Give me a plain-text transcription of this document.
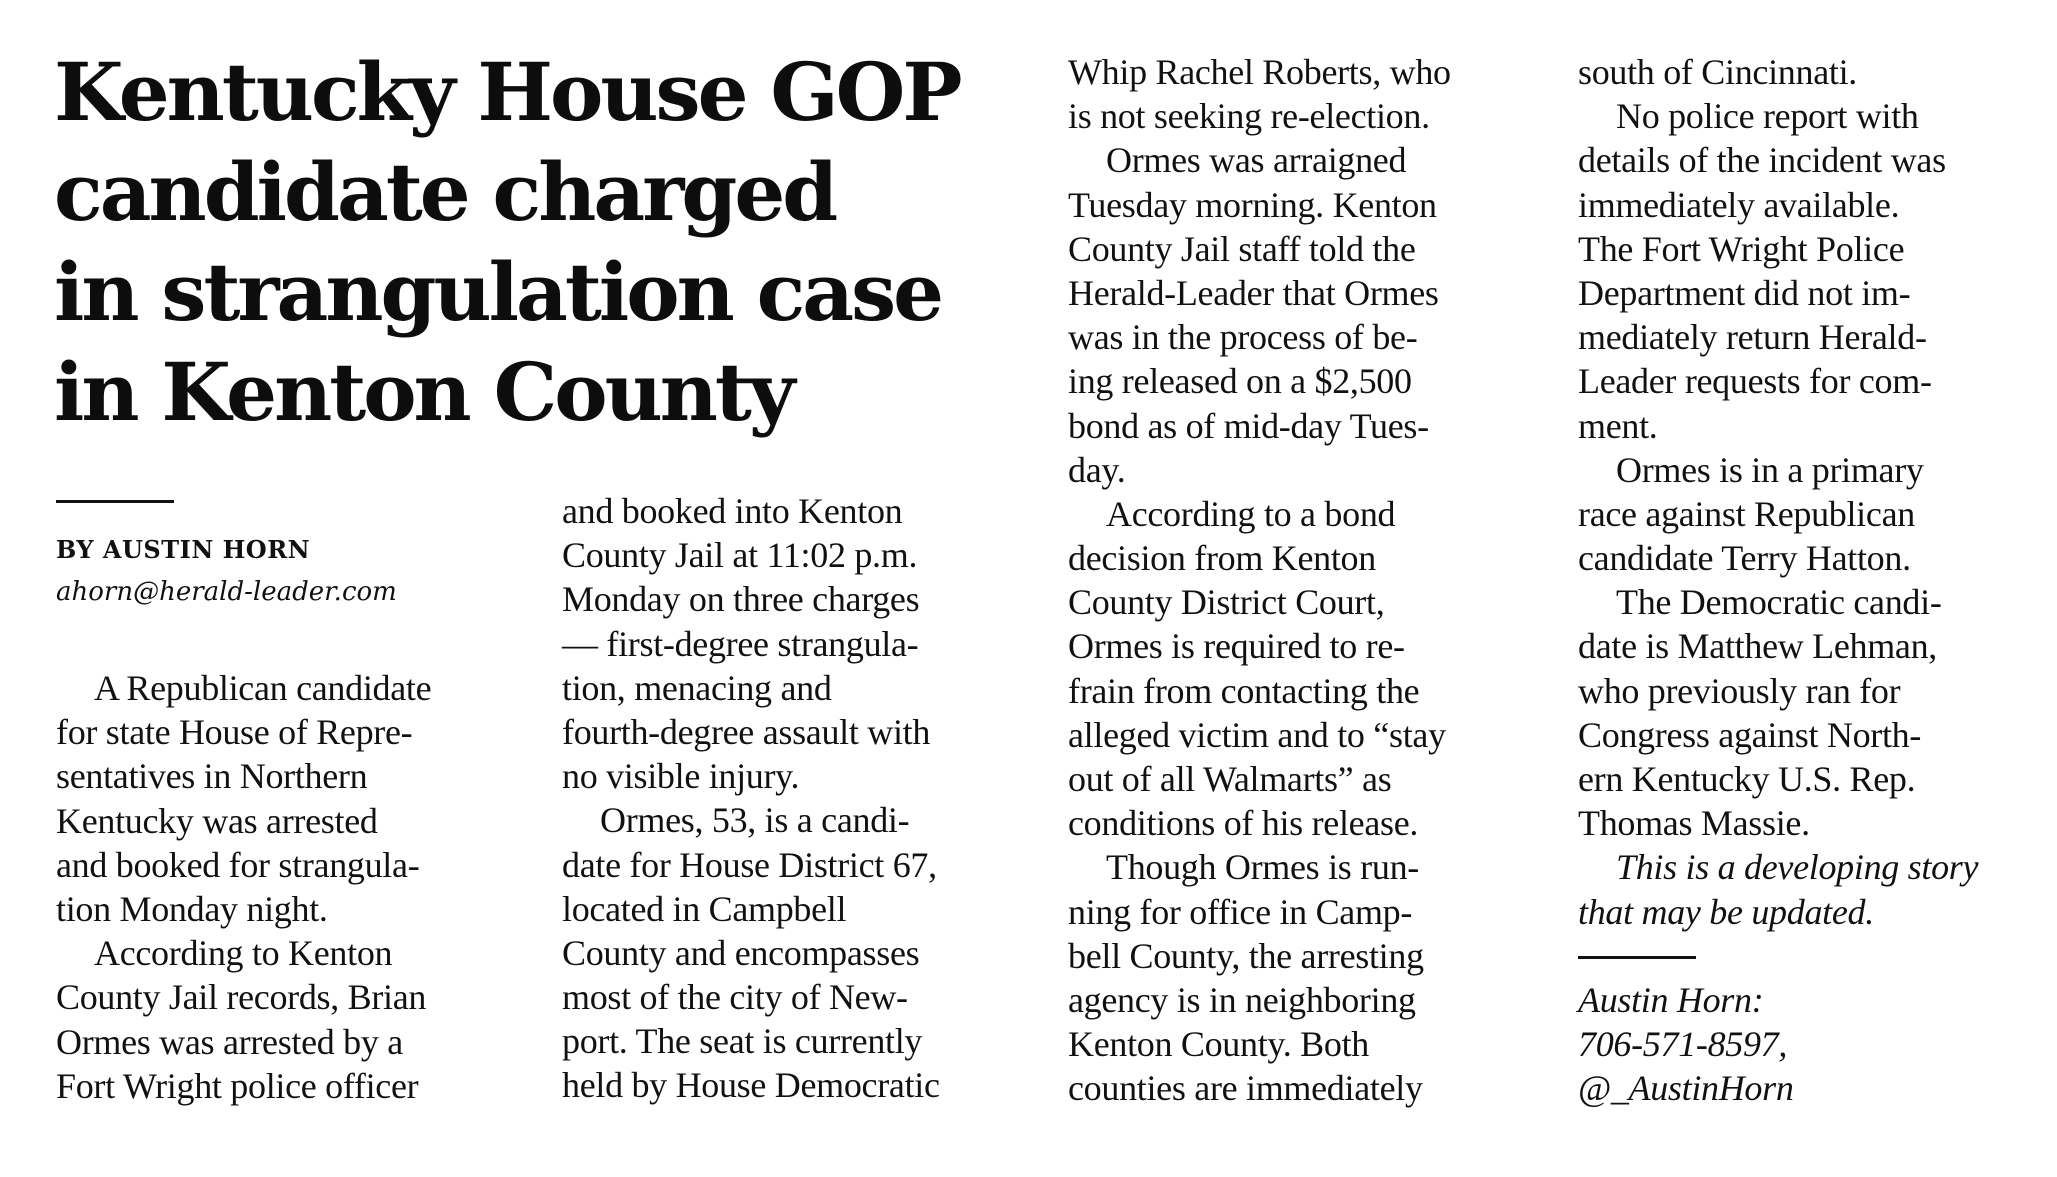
Kentucky House GOP
candidate charged
in strangulation case
in Kenton County
BY AUSTIN HORN
ahorn@herald-leader.com
A Republican candidate
for state House of Repre-
sentatives in Northern
Kentucky was arrested
and booked for strangula-
tion Monday night.
According to Kenton
County Jail records, Brian
Ormes was arrested by a
Fort Wright police officer
and booked into Kenton
County Jail at 11:02 p.m.
Monday on three charges
— first-degree strangula-
tion, menacing and
fourth-degree assault with
no visible injury.
Ormes, 53, is a candi-
date for House District 67,
located in Campbell
County and encompasses
most of the city of New-
port. The seat is currently
held by House Democratic
Whip Rachel Roberts, who
is not seeking re-election.
Ormes was arraigned
Tuesday morning. Kenton
County Jail staff told the
Herald-Leader that Ormes
was in the process of be-
ing released on a $2,500
bond as of mid-day Tues-
day.
According to a bond
decision from Kenton
County District Court,
Ormes is required to re-
frain from contacting the
alleged victim and to “stay
out of all Walmarts” as
conditions of his release.
Though Ormes is run-
ning for office in Camp-
bell County, the arresting
agency is in neighboring
Kenton County. Both
counties are immediately
south of Cincinnati.
No police report with
details of the incident was
immediately available.
The Fort Wright Police
Department did not im-
mediately return Herald-
Leader requests for com-
ment.
Ormes is in a primary
race against Republican
candidate Terry Hatton.
The Democratic candi-
date is Matthew Lehman,
who previously ran for
Congress against North-
ern Kentucky U.S. Rep.
Thomas Massie.
This is a developing story
that may be updated.
Austin Horn:
706-571-8597,
@_AustinHorn
